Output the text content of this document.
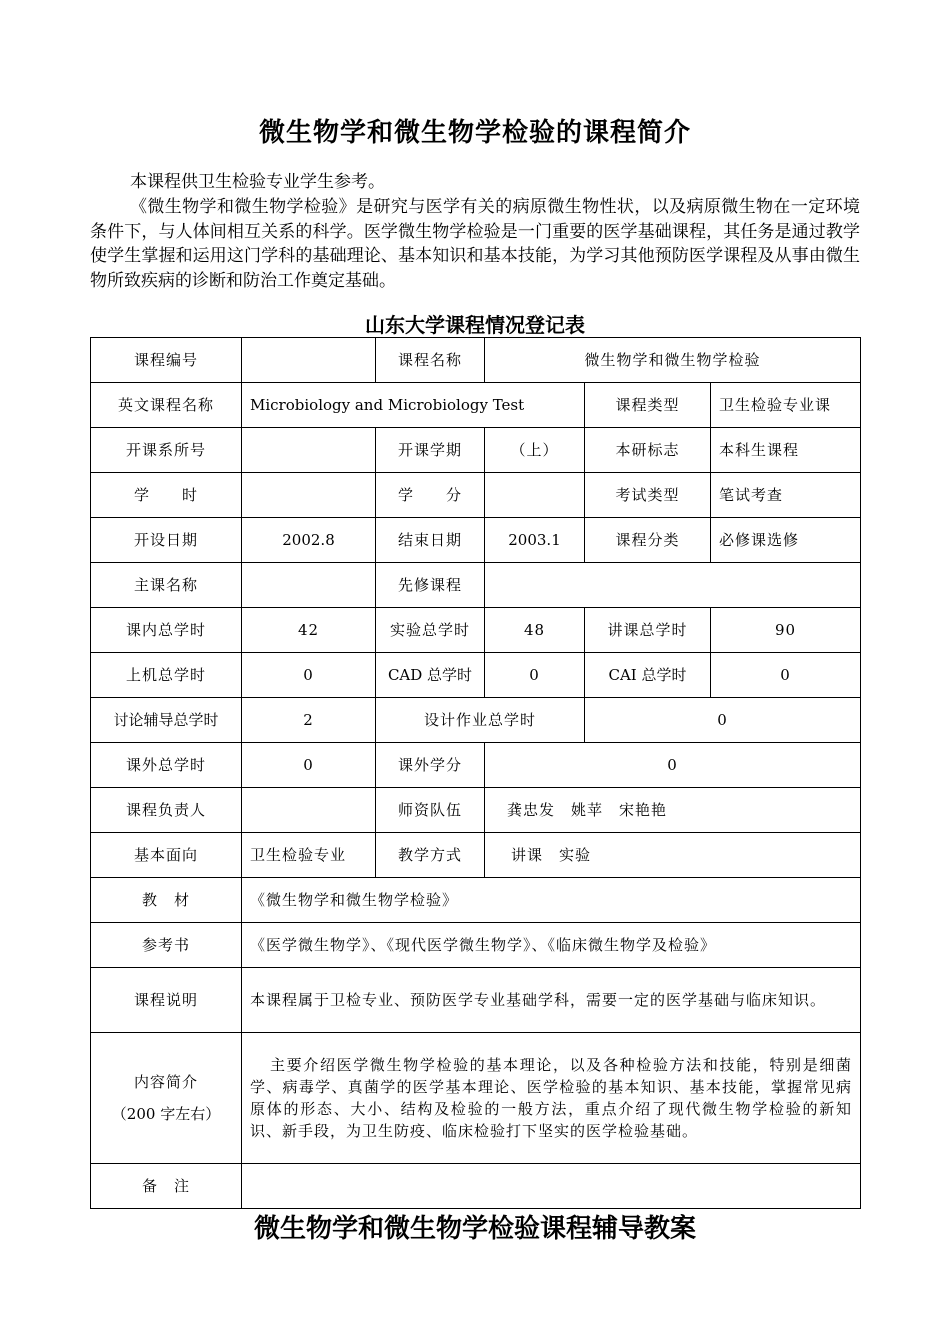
微生物学和微生物学检验的课程简介
本课程供卫生检验专业学生参考。
《微生物学和微生物学检验》是研究与医学有关的病原微生物性状，以及病原微生物在一定环境条件下，与人体间相互关系的科学。医学微生物学检验是一门重要的医学基础课程，其任务是通过教学使学生掌握和运用这门学科的基础理论、基本知识和基本技能，为学习其他预防医学课程及从事由微生物所致疾病的诊断和防治工作奠定基础。
山东大学课程情况登记表
课程编号		课程名称	微生物学和微生物学检验		
英文课程名称	Microbiology and Microbiology Test			课程类型	卫生检验专业课
开课系所号		开课学期	（上）	本研标志	本科生课程
学　　时		学　　分		考试类型	笔试考查
开设日期	2002.8	结束日期	2003.1	课程分类	必修课选修
主课名称		先修课程			
课内总学时	42	实验总学时	48	讲课总学时	90
上机总学时	0	CAD 总学时	0	CAI 总学时	0
讨论辅导总学时	2	设计作业总学时		0	
课外总学时	0	课外学分	0		
课程负责人		师资队伍	龚忠发　姚苹　宋艳艳		
基本面向	卫生检验专业	教学方式	讲课　实验		
教　材	《微生物学和微生物学检验》				
参考书	《医学微生物学》、《现代医学微生物学》、《临床微生物学及检验》				
课程说明	本课程属于卫检专业、预防医学专业基础学科，需要一定的医学基础与临床知识。				

内容简介
（200 字左右）	主要介绍医学微生物学检验的基本理论，以及各种检验方法和技能，特别是细菌学、病毒学、真菌学的医学基本理论、医学检验的基本知识、基本技能，掌握常见病原体的形态、大小、结构及检验的一般方法，重点介绍了现代微生物学检验的新知识、新手段，为卫生防疫、临床检验打下坚实的医学检验基础。				
备　注					
微生物学和微生物学检验课程辅导教案
